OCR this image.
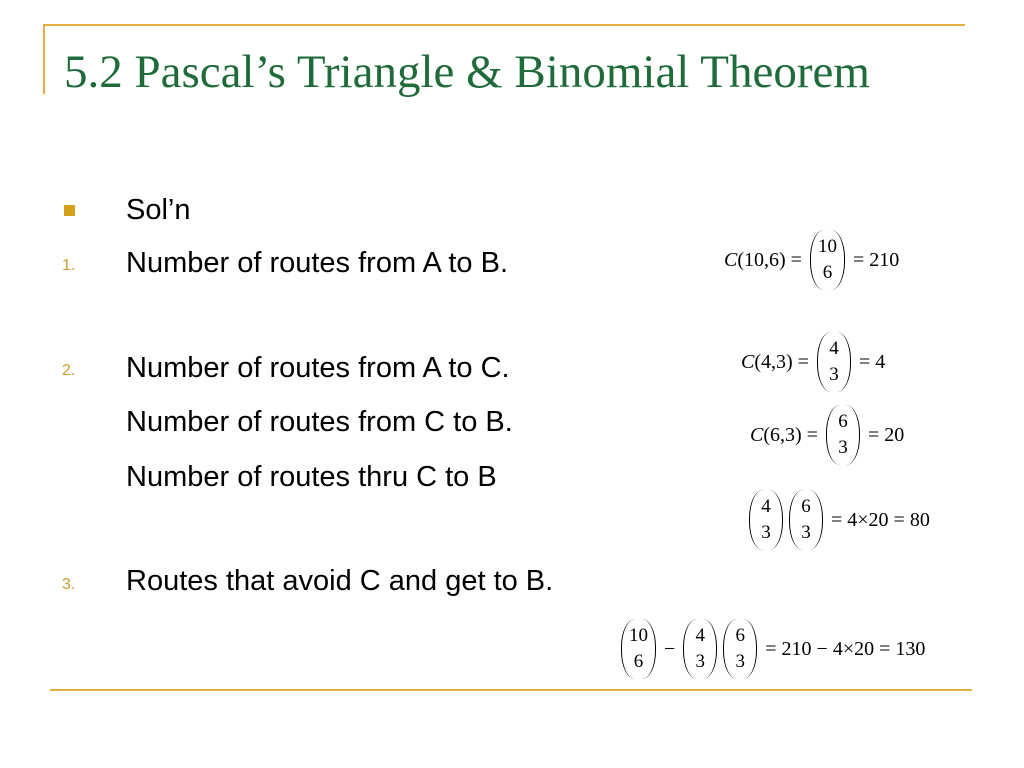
5.2 Pascal’s Triangle & Binomial Theorem
Sol’n
1. Number of routes from A to B.
2. Number of routes from A to C.
Number of routes from C to B.
Number of routes thru C to B
3. Routes that avoid C and get to B.
C (10,6) =
10
6
= 210
C (4,3) =
4
3
= 4
C (6,3) =
6
3
= 20
4
3
6
3
= 4×20 = 80
10
6
−
4
3
6
3
= 210 − 4×20 = 130
